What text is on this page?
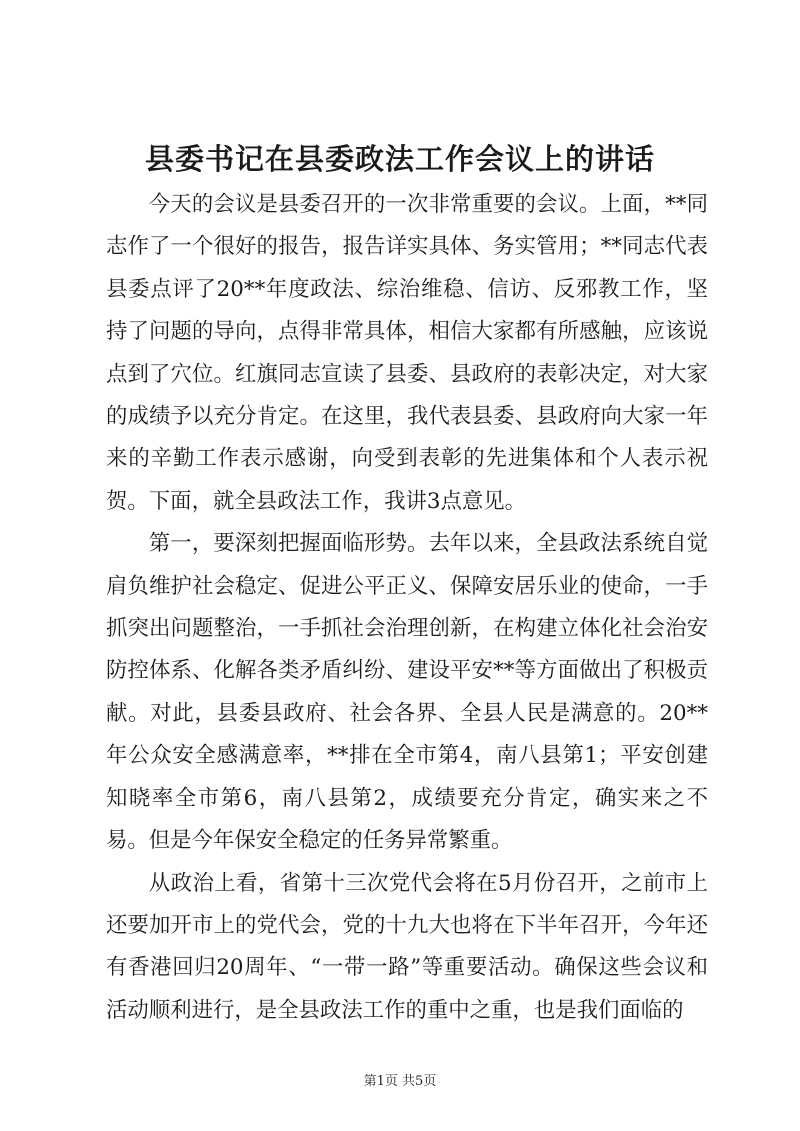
县委书记在县委政法工作会议上的讲话

今天的会议是县委召开的一次非常重要的会议。上面，**同志作了一个很好的报告，报告详实具体、务实管用；**同志代表县委点评了20**年度政法、综治维稳、信访、反邪教工作，坚持了问题的导向，点得非常具体，相信大家都有所感触，应该说点到了穴位。红旗同志宣读了县委、县政府的表彰决定，对大家的成绩予以充分肯定。在这里，我代表县委、县政府向大家一年来的辛勤工作表示感谢，向受到表彰的先进集体和个人表示祝贺。下面，就全县政法工作，我讲3点意见。

第一，要深刻把握面临形势。去年以来，全县政法系统自觉肩负维护社会稳定、促进公平正义、保障安居乐业的使命，一手抓突出问题整治，一手抓社会治理创新，在构建立体化社会治安防控体系、化解各类矛盾纠纷、建设平安**等方面做出了积极贡献。对此，县委县政府、社会各界、全县人民是满意的。20**年公众安全感满意率，**排在全市第4，南八县第1；平安创建知晓率全市第6，南八县第2，成绩要充分肯定，确实来之不易。但是今年保安全稳定的任务异常繁重。

从政治上看，省第十三次党代会将在5月份召开，之前市上还要加开市上的党代会，党的十九大也将在下半年召开，今年还有香港回归20周年、“一带一路”等重要活动。确保这些会议和活动顺利进行，是全县政法工作的重中之重，也是我们面临的

第1页 共5页
